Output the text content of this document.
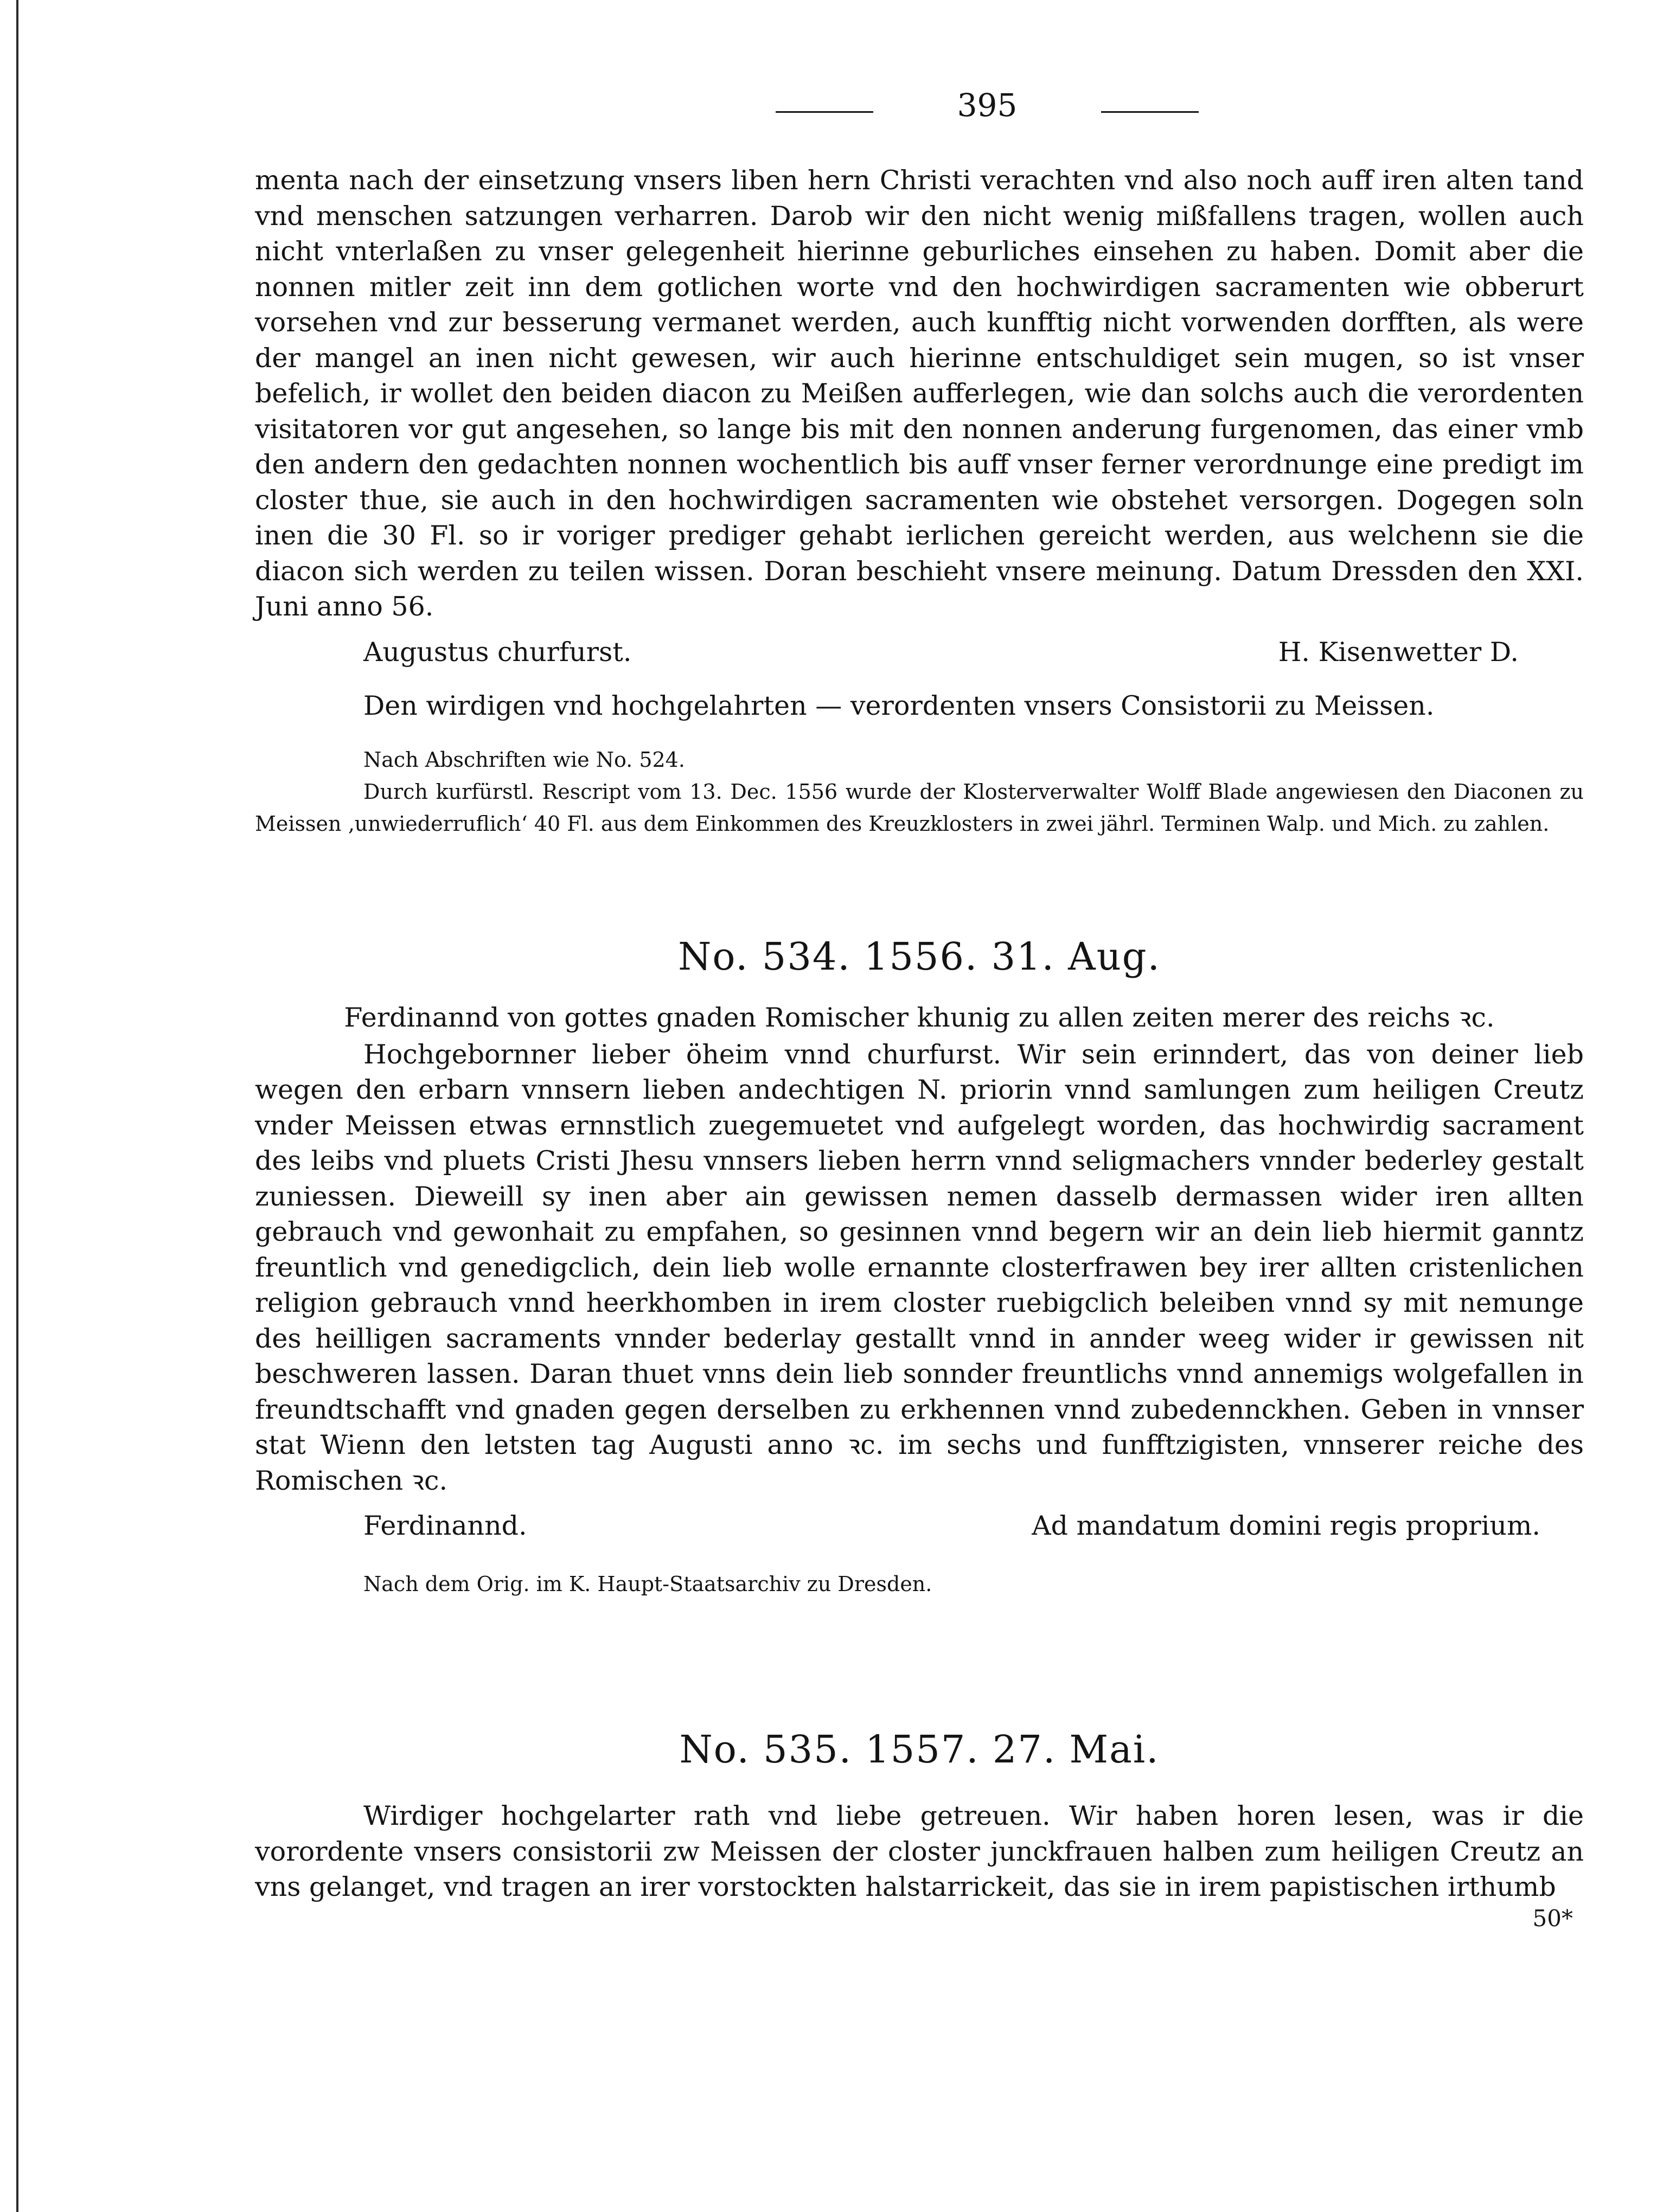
395

menta nach der einsetzung vnsers liben hern Christi verachten vnd also noch auff iren alten tand vnd menschen satzungen verharren. Darob wir den nicht wenig mißfallens tragen, wollen auch nicht vnterlaßen zu vnser gelegenheit hierinne geburliches einsehen zu haben. Domit aber die nonnen mitler zeit inn dem gotlichen worte vnd den hochwirdigen sacramenten wie obberurt vorsehen vnd zur besserung vermanet werden, auch kunfftig nicht vorwenden dorfften, als were der mangel an inen nicht gewesen, wir auch hierinne entschuldiget sein mugen, so ist vnser befelich, ir wollet den beiden diacon zu Meißen aufferlegen, wie dan solchs auch die verordenten visitatoren vor gut angesehen, so lange bis mit den nonnen anderung furgenomen, das einer vmb den andern den gedachten nonnen wochentlich bis auff vnser ferner verordnunge eine predigt im closter thue, sie auch in den hochwirdigen sacramenten wie obstehet versorgen. Dogegen soln inen die 30 Fl. so ir voriger prediger gehabt ierlichen gereicht werden, aus welchenn sie die diacon sich werden zu teilen wissen. Doran beschieht vnsere meinung. Datum Dressden den XXI. Juni anno 56.

Augustus churfurst.	H. Kisenwetter D.
Den wirdigen vnd hochgelahrten — verordenten vnsers Consistorii zu Meissen.
Nach Abschriften wie No. 524.
Durch kurfürstl. Rescript vom 13. Dec. 1556 wurde der Klosterverwalter Wolff Blade angewiesen den Diaconen zu Meissen ‚unwiederruflich‘ 40 Fl. aus dem Einkommen des Kreuzklosters in zwei jährl. Terminen Walp. und Mich. zu zahlen.
No. 534. 1556. 31. Aug.
Ferdinannd von gottes gnaden Romischer khunig zu allen zeiten merer des reichs ꝛc.

Hochgebornner lieber öheim vnnd churfurst. Wir sein erinndert, das von deiner lieb wegen den erbarn vnnsern lieben andechtigen N. priorin vnnd samlungen zum heiligen Creutz vnder Meissen etwas ernnstlich zuegemuetet vnd aufgelegt worden, das hochwirdig sacrament des leibs vnd pluets Cristi Jhesu vnnsers lieben herrn vnnd seligmachers vnnder bederley gestalt zuniessen. Dieweill sy inen aber ain gewissen nemen dasselb dermassen wider iren allten gebrauch vnd gewonhait zu empfahen, so gesinnen vnnd begern wir an dein lieb hiermit ganntz freuntlich vnd genedigclich, dein lieb wolle ernannte closterfrawen bey irer allten cristenlichen religion gebrauch vnnd heerkhomben in irem closter ruebigclich beleiben vnnd sy mit nemunge des heilligen sacraments vnnder bederlay gestallt vnnd in annder weeg wider ir gewissen nit beschweren lassen. Daran thuet vnns dein lieb sonnder freuntlichs vnnd annemigs wolgefallen in freundtschafft vnd gnaden gegen derselben zu erkhennen vnnd zubedennckhen. Geben in vnnser stat Wienn den letsten tag Augusti anno ꝛc. im sechs und funfftzigisten, vnnserer reiche des Romischen ꝛc.

Ferdinannd.	Ad mandatum domini regis proprium.
Nach dem Orig. im K. Haupt-Staatsarchiv zu Dresden.
No. 535. 1557. 27. Mai.

Wirdiger hochgelarter rath vnd liebe getreuen. Wir haben horen lesen, was ir die vorordente vnsers consistorii zw Meissen der closter junckfrauen halben zum heiligen Creutz an vns gelanget, vnd tragen an irer vorstockten halstarrickeit, das sie in irem papistischen irthumb

50*
